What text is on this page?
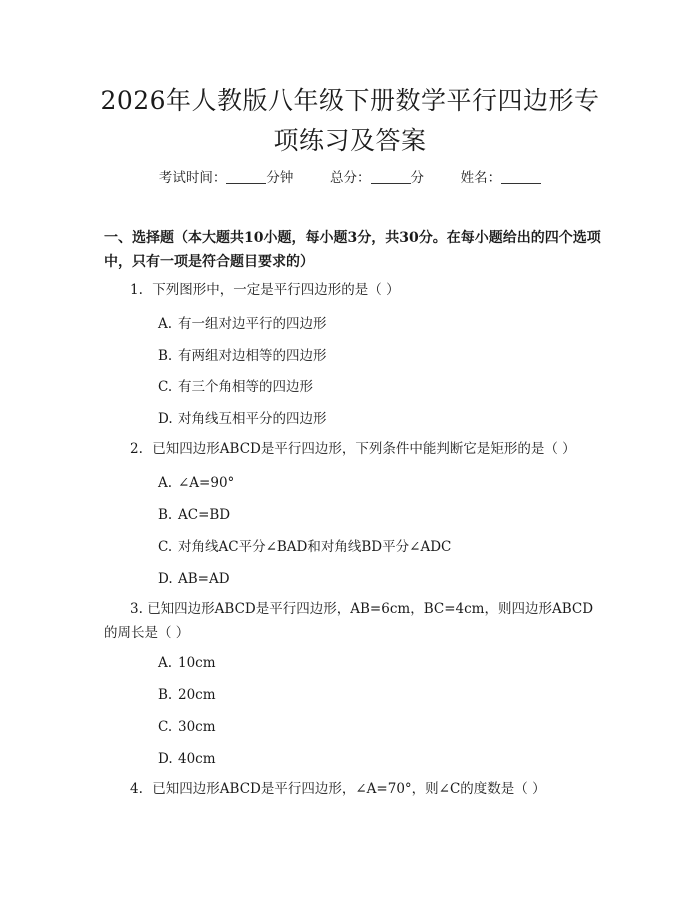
2026年人教版八年级下册数学平行四边形专
项练习及答案
考试时间：	分钟	总分：	分	姓名：
一、选择题（本大题共10小题，每小题3分，共30分。在每小题给出的四个选项中，只有一项是符合题目要求的）
1. 下列图形中，一定是平行四边形的是（ ）
A. 有一组对边平行的四边形
B. 有两组对边相等的四边形
C. 有三个角相等的四边形
D. 对角线互相平分的四边形
2. 已知四边形ABCD是平行四边形，下列条件中能判断它是矩形的是（ ）
A. ∠A=90°
B. AC=BD
C. 对角线AC平分∠BAD和对角线BD平分∠ADC
D. AB=AD
3. 已知四边形ABCD是平行四边形，AB=6cm，BC=4cm，则四边形ABCD的周长是（ ）
A. 10cm
B. 20cm
C. 30cm
D. 40cm
4. 已知四边形ABCD是平行四边形，∠A=70°，则∠C的度数是（ ）
